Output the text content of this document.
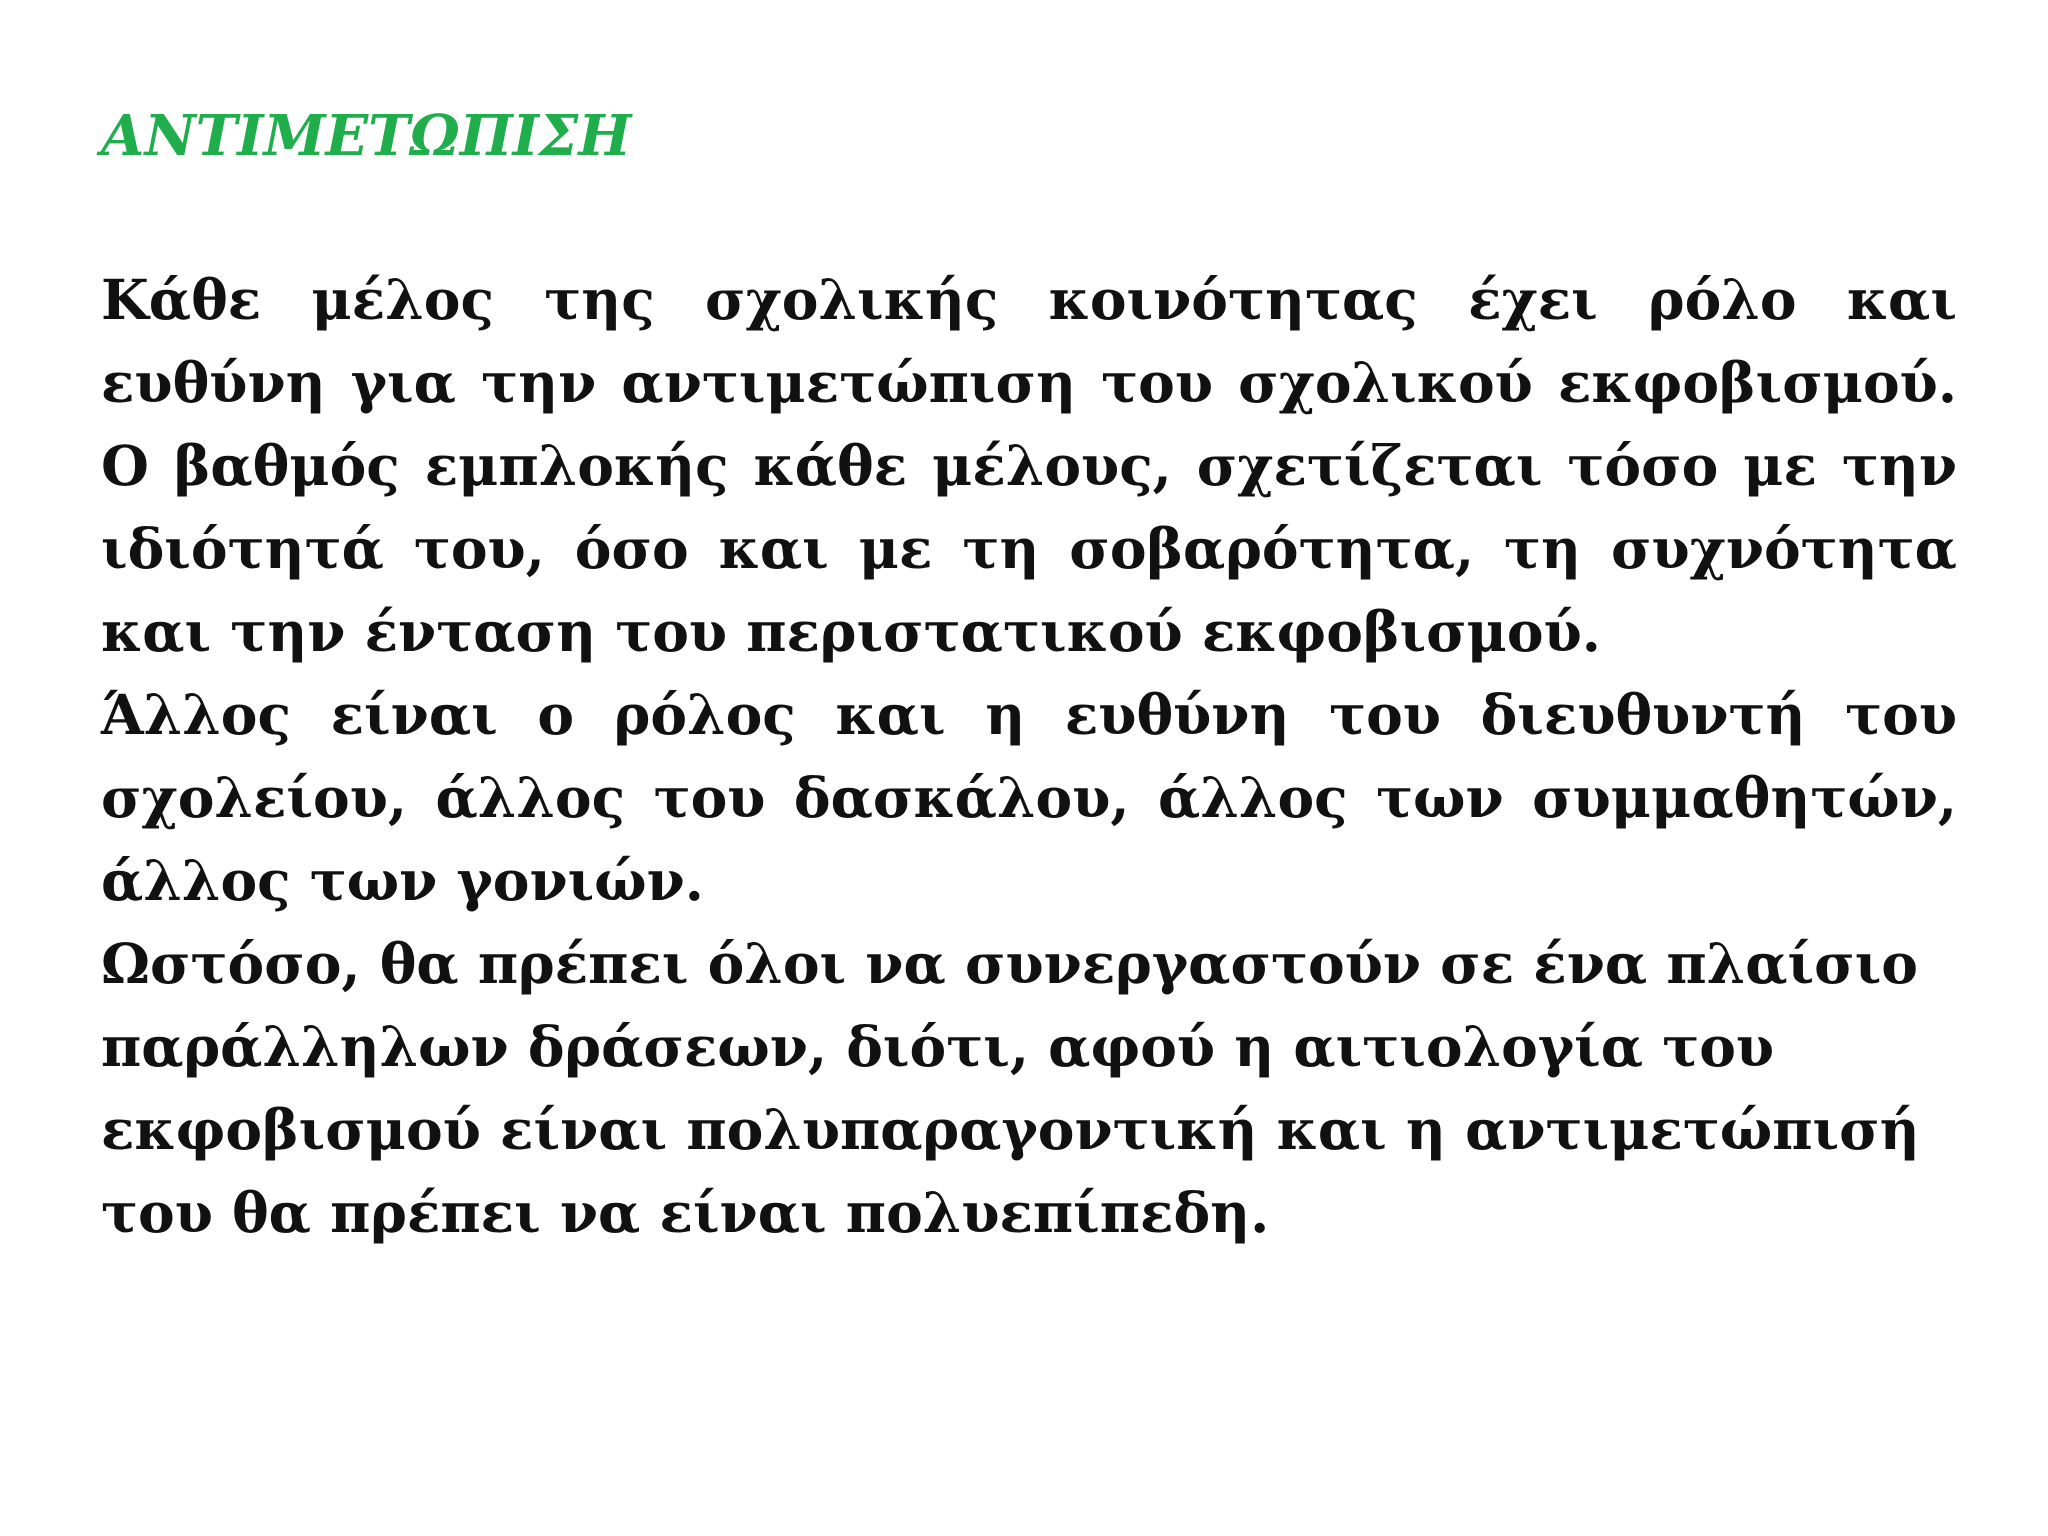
ΑΝΤΙΜΕΤΩΠΙΣΗ

Κάθε μέλος της σχολικής κοινότητας έχει ρόλο και ευθύνη για την αντιμετώπιση του σχολικού εκφοβισμού. Ο βαθμός εμπλοκής κάθε μέλους, σχετίζεται τόσο με την ιδιότητά του, όσο και με τη σοβαρότητα, τη συχνότητα και την ένταση του περιστατικού εκφοβισμού.

Άλλος είναι ο ρόλος και η ευθύνη του διευθυντή του σχολείου, άλλος του δασκάλου, άλλος των συμμαθητών, άλλος των γονιών.

Ωστόσο, θα πρέπει όλοι να συνεργαστούν σε ένα πλαίσιο παράλληλων δράσεων, διότι, αφού η αιτιολογία του εκφοβισμού είναι πολυπαραγοντική και η αντιμετώπισή του θα πρέπει να είναι πολυεπίπεδη.
